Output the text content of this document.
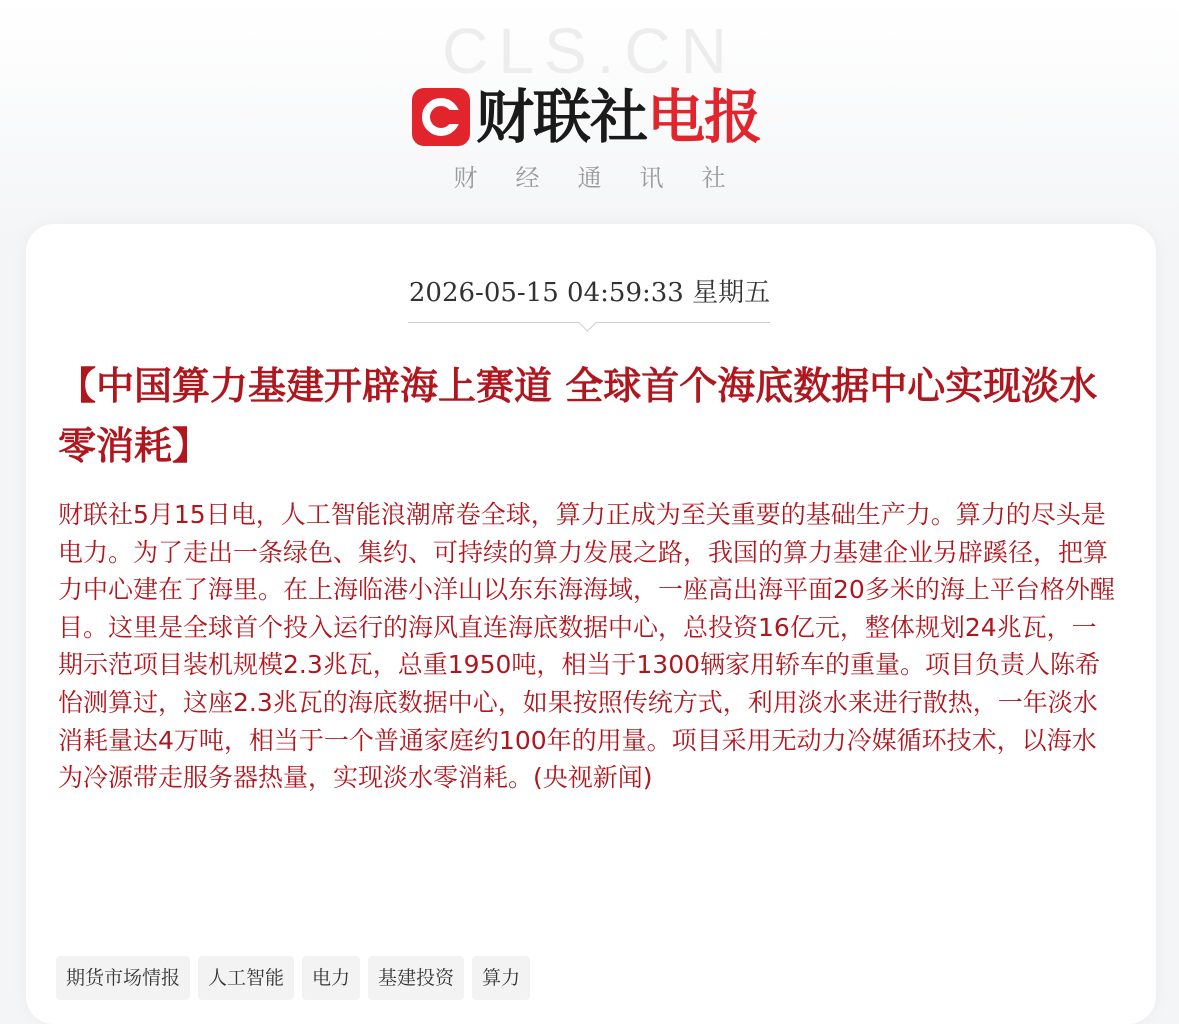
CLS.CN
财联社电报
财经通讯社
2026-05-15 04:59:33 星期五
【中国算力基建开辟海上赛道 全球首个海底数据中心实现淡水零消耗】

财联社5月15日电，人工智能浪潮席卷全球，算力正成为至关重要的基础生产力。算力的尽头是电力。为了走出一条绿色、集约、可持续的算力发展之路，我国的算力基建企业另辟蹊径，把算力中心建在了海里。在上海临港小洋山以东东海海域，一座高出海平面20多米的海上平台格外醒目。这里是全球首个投入运行的海风直连海底数据中心，总投资16亿元，整体规划24兆瓦，一期示范项目装机规模2.3兆瓦，总重1950吨，相当于1300辆家用轿车的重量。项目负责人陈希怡测算过，这座2.3兆瓦的海底数据中心，如果按照传统方式，利用淡水来进行散热，一年淡水消耗量达4万吨，相当于一个普通家庭约100年的用量。项目采用无动力冷媒循环技术，以海水为冷源带走服务器热量，实现淡水零消耗。(央视新闻)

期货市场情报	人工智能	电力	基建投资	算力
